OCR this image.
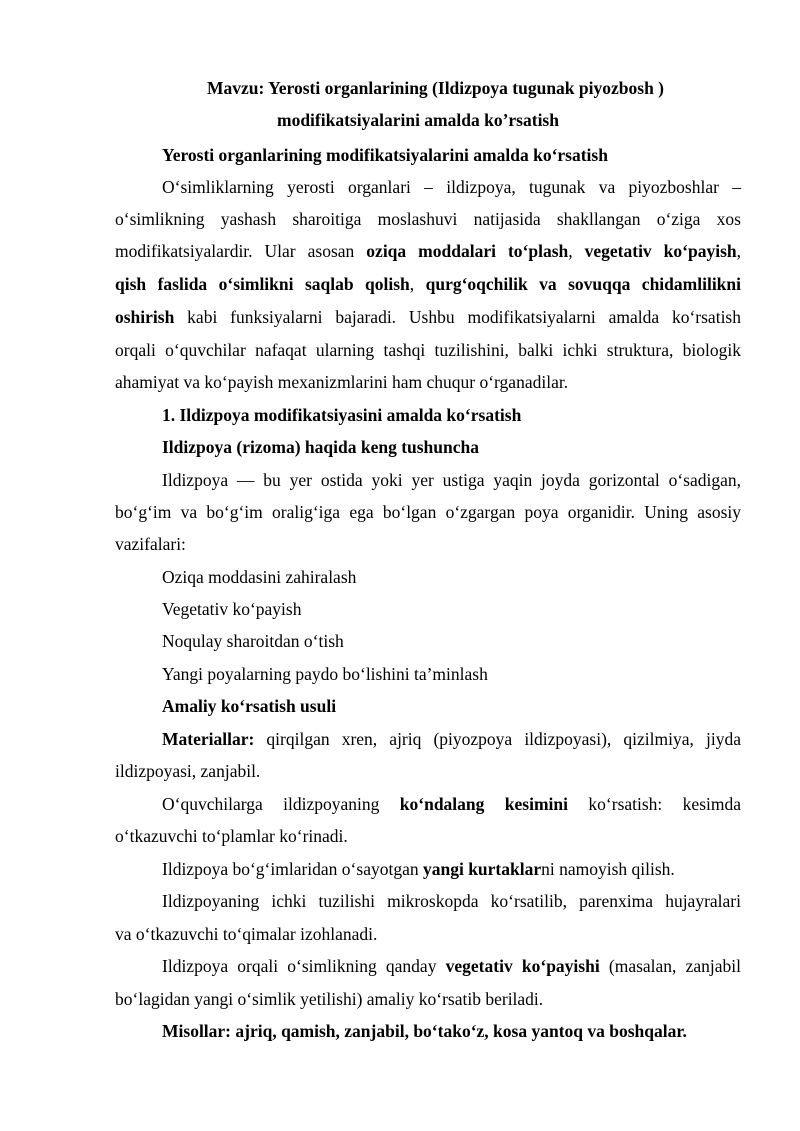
Mavzu: Yerosti organlarining (Ildizpoya tugunak piyozbosh )
modifikatsiyalarini amalda ko’rsatish
Yerosti organlarining modifikatsiyalarini amalda koʻrsatish
Oʻsimliklarning yerosti organlari – ildizpoya, tugunak va piyozboshlar –
oʻsimlikning yashash sharoitiga moslashuvi natijasida shakllangan oʻziga xos
modifikatsiyalardir. Ular asosan oziqa moddalari toʻplash, vegetativ koʻpayish,
qish faslida oʻsimlikni saqlab qolish, qurgʻoqchilik va sovuqqa chidamlilikni
oshirish kabi funksiyalarni bajaradi. Ushbu modifikatsiyalarni amalda koʻrsatish
orqali oʻquvchilar nafaqat ularning tashqi tuzilishini, balki ichki struktura, biologik
ahamiyat va koʻpayish mexanizmlarini ham chuqur oʻrganadilar.
1. Ildizpoya modifikatsiyasini amalda koʻrsatish
Ildizpoya (rizoma) haqida keng tushuncha
Ildizpoya — bu yer ostida yoki yer ustiga yaqin joyda gorizontal oʻsadigan,
boʻgʻim va boʻgʻim oraligʻiga ega boʻlgan oʻzgargan poya organidir. Uning asosiy
vazifalari:
Oziqa moddasini zahiralash
Vegetativ koʻpayish
Noqulay sharoitdan oʻtish
Yangi poyalarning paydo boʻlishini taʼminlash
Amaliy koʻrsatish usuli
Materiallar: qirqilgan xren, ajriq (piyozpoya ildizpoyasi), qizilmiya, jiyda
ildizpoyasi, zanjabil.
Oʻquvchilarga ildizpoyaning koʻndalang kesimini koʻrsatish: kesimda
oʻtkazuvchi toʻplamlar koʻrinadi.
Ildizpoya boʻgʻimlaridan oʻsayotgan yangi kurtaklarni namoyish qilish.
Ildizpoyaning ichki tuzilishi mikroskopda koʻrsatilib, parenxima hujayralari
va oʻtkazuvchi toʻqimalar izohlanadi.
Ildizpoya orqali oʻsimlikning qanday vegetativ koʻpayishi (masalan, zanjabil
boʻlagidan yangi oʻsimlik yetilishi) amaliy koʻrsatib beriladi.
Misollar: ajriq, qamish, zanjabil, boʻtakoʻz, kosa yantoq va boshqalar.
